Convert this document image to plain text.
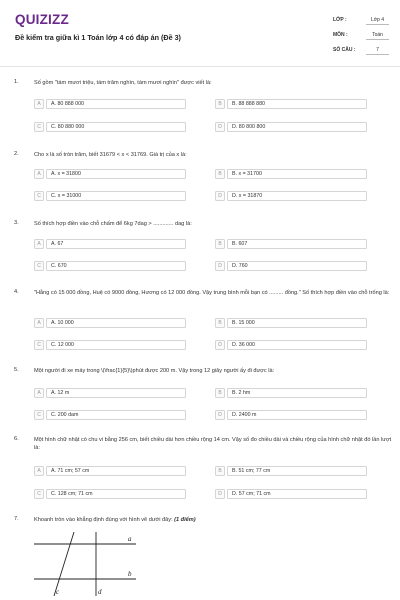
QUIZIZZ
Đề kiểm tra giữa kì 1 Toán lớp 4 có đáp án (Đề 3)
LỚP :	Lớp 4
MÔN :	Toán
SỐ CÂU :	7
1.	Số gồm "tám mươi triệu, tám trăm nghìn, tám mươi nghìn" được viết là:
A	A. 80 888 000	B	B. 88 888 880
C	C. 80 880 000	D	D. 80 800 800
2.	Cho x là số tròn trăm, biết 31679 < x < 31769. Giá trị của x là:
A	A. x = 31800	B	B. x = 31700
C	C. x = 31000	D	D. x = 31870
3.	Số thích hợp điền vào chỗ chấm để 6kg 7dag > ............. dag là:
A	A. 67	B	B. 607
C	C. 670	D	D. 760
4.	"Hằng có 15 000 đồng, Huệ có 9000 đồng, Hương có 12 000 đồng. Vậy trung bình mỗi bạn có ......... đồng." Số thích hợp điền vào chỗ trống là:
A	A. 10 000	B	B. 15 000
C	C. 12 000	D	D. 36 000
5.	Một người đi xe máy trong \(\frac{1}{5}\)phút được 200 m. Vậy trong 12 giây người ấy đi được là:
A	A. 12 m	B	B. 2 hm
C	C. 200 dam	D	D. 2400 m
6.	Một hình chữ nhật có chu vi bằng 256 cm, biết chiều dài hơn chiều rộng 14 cm. Vậy số đo chiều dài và chiều rộng của hình chữ nhật đó lần lượt là:
A	A. 71 cm; 57 cm	B	B. 51 cm; 77 cm
C	C. 128 cm; 71 cm	D	D. 57 cm; 71 cm
7.	Khoanh tròn vào khẳng định đúng với hình vẽ dưới đây: (1 điểm)
a
b
c	d
